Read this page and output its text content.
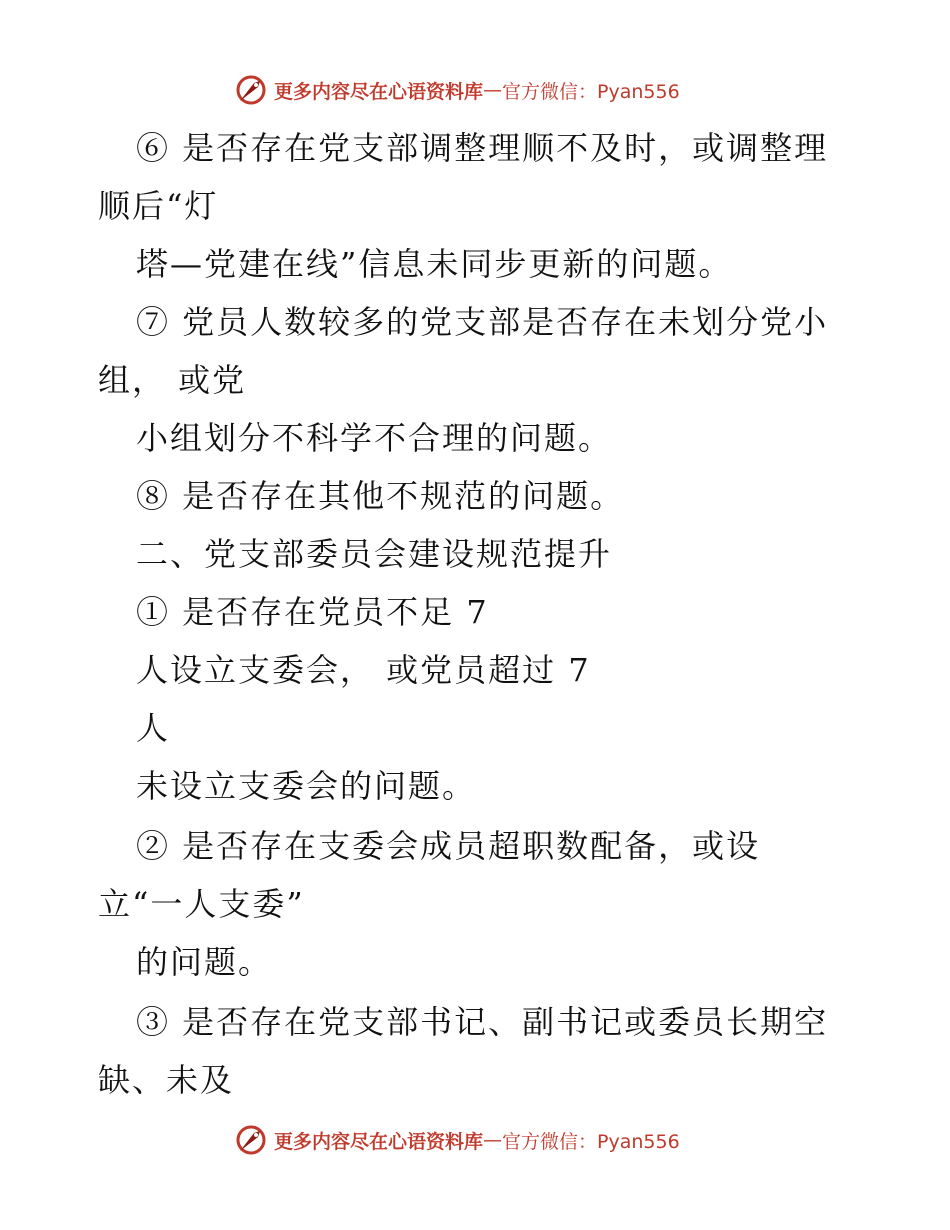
更多内容尽在心语资料库 — 官方微信：Pyan556
⑥ 是否存在党支部调整理顺不及时，或调整理
顺后“灯
塔—党建在线”信息未同步更新的问题。
⑦ 党员人数较多的党支部是否存在未划分党小
组， 或党
小组划分不科学不合理的问题。
⑧ 是否存在其他不规范的问题。
二、党支部委员会建设规范提升
① 是否存在党员不足 7
人设立支委会， 或党员超过 7
人
未设立支委会的问题。
② 是否存在支委会成员超职数配备，或设
立“一人支委”
的问题。
③ 是否存在党支部书记、副书记或委员长期空
缺、未及
更多内容尽在心语资料库 — 官方微信：Pyan556
